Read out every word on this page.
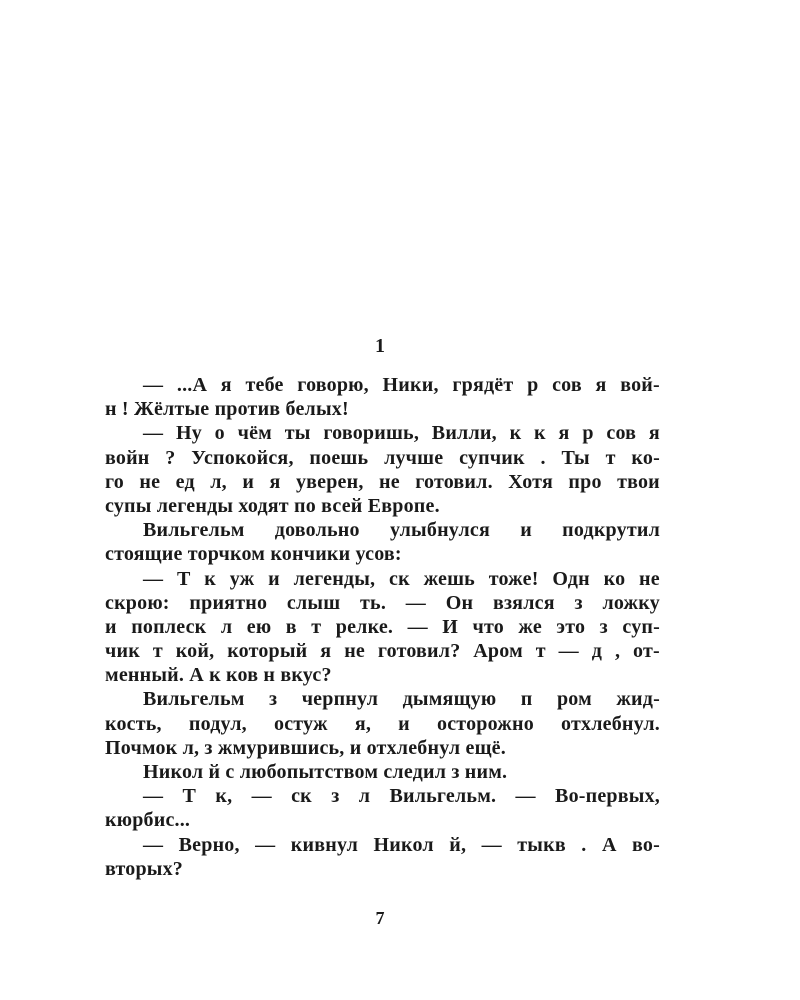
1
— ...А я тебе говорю, Ники, грядёт р сов я вой-
н ! Жёлтые против белых!
— Ну о чём ты говоришь, Вилли, к к я р сов я
войн ? Успокойся, поешь лучше супчик . Ты т ко-
го не ед л, и я уверен, не готовил. Хотя про твои
супы легенды ходят по всей Европе.
Вильгельм довольно улыбнулся и подкрутил
стоящие торчком кончики усов:
— Т к уж и легенды, ск жешь тоже! Одн ко не
скрою: приятно слыш ть. — Он взялся з ложку
и поплеск л ею в т релке. — И что же это з суп-
чик т кой, который я не готовил? Аром т — д , от-
менный. А к ков н вкус?
Вильгельм з черпнул дымящую п ром жид-
кость, подул, остуж я, и осторожно отхлебнул.
Почмок л, з жмурившись, и отхлебнул ещё.
Никол й с любопытством следил з ним.
— Т к, — ск з л Вильгельм. — Во-первых,
кюрбис...
— Верно, — кивнул Никол й, — тыкв . А во-
вторых?
7
